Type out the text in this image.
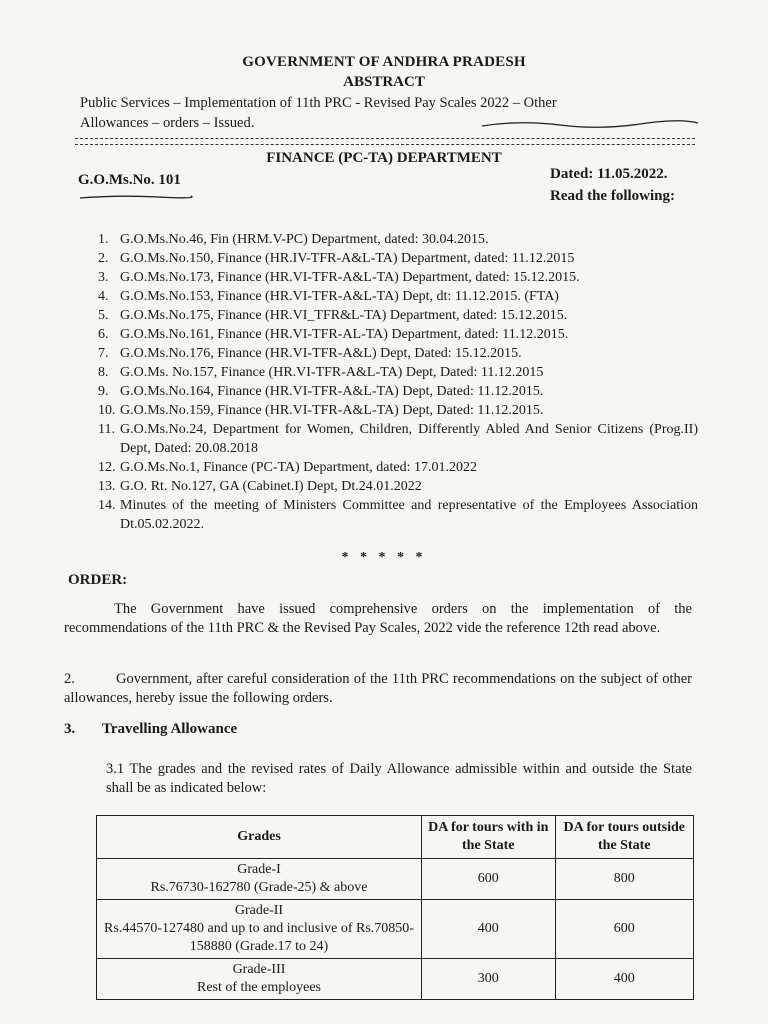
GOVERNMENT OF ANDHRA PRADESH
ABSTRACT
Public Services – Implementation of 11th PRC - Revised Pay Scales 2022 – Other
Allowances – orders – Issued.
FINANCE (PC-TA) DEPARTMENT
G.O.Ms.No. 101	Dated: 11.05.2022.
Read the following:
1. G.O.Ms.No.46, Fin (HRM.V-PC) Department, dated: 30.04.2015.
2. G.O.Ms.No.150, Finance (HR.IV-TFR-A&L-TA) Department, dated: 11.12.2015
3. G.O.Ms.No.173, Finance (HR.VI-TFR-A&L-TA) Department, dated: 15.12.2015.
4. G.O.Ms.No.153, Finance (HR.VI-TFR-A&L-TA) Dept, dt: 11.12.2015. (FTA)
5. G.O.Ms.No.175, Finance (HR.VI_TFR&L-TA) Department, dated: 15.12.2015.
6. G.O.Ms.No.161, Finance (HR.VI-TFR-AL-TA) Department, dated: 11.12.2015.
7. G.O.Ms.No.176, Finance (HR.VI-TFR-A&L) Dept, Dated: 15.12.2015.
8. G.O.Ms. No.157, Finance (HR.VI-TFR-A&L-TA) Dept, Dated: 11.12.2015
9. G.O.Ms.No.164, Finance (HR.VI-TFR-A&L-TA) Dept, Dated: 11.12.2015.
10. G.O.Ms.No.159, Finance (HR.VI-TFR-A&L-TA) Dept, Dated: 11.12.2015.
11. G.O.Ms.No.24, Department for Women, Children, Differently Abled And Senior Citizens (Prog.II) Dept, Dated: 20.08.2018
12. G.O.Ms.No.1, Finance (PC-TA) Department, dated: 17.01.2022
13. G.O. Rt. No.127, GA (Cabinet.I) Dept, Dt.24.01.2022
14. Minutes of the meeting of Ministers Committee and representative of the Employees Association Dt.05.02.2022.
* * * * *
ORDER:
The Government have issued comprehensive orders on the implementation of the recommendations of the 11th PRC & the Revised Pay Scales, 2022 vide the reference 12th read above.
2.	Government, after careful consideration of the 11th PRC recommendations on the subject of other allowances, hereby issue the following orders.
3. Travelling Allowance
3.1 The grades and the revised rates of Daily Allowance admissible within and outside the State shall be as indicated below:
Grades	DA for tours with in the State	DA for tours outside the State

Grade-I
Rs.76730-162780 (Grade-25) & above	600	800

Grade-II
Rs.44570-127480 and up to and inclusive of Rs.70850-158880 (Grade.17 to 24)	400	600

Grade-III
Rest of the employees	300	400
